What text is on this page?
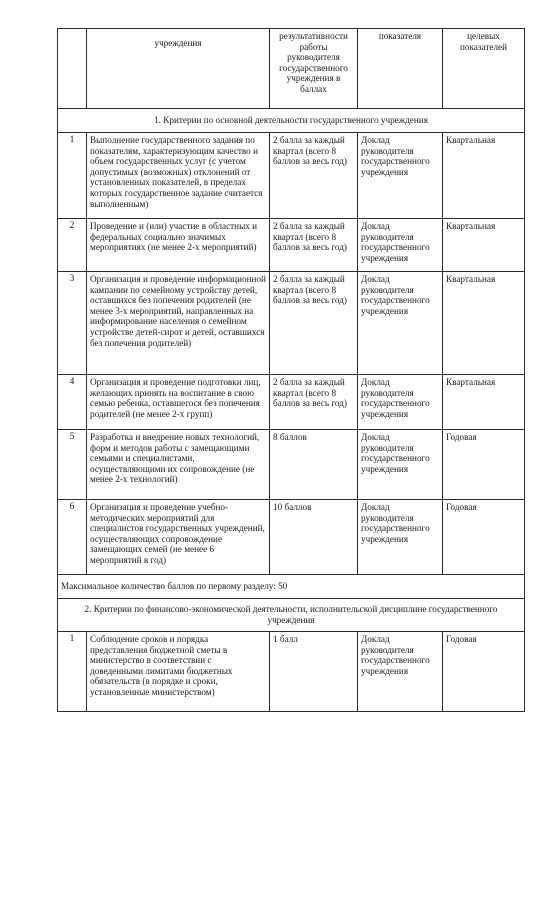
	учреждения	результативности работы руководителя государственного учреждения в баллах	показателя	целевых показателей
1. Критерии по основной деятельности государственного учреждения				
1	Выполнение государственного задания по показателям, характеризующим качество и объем государственных услуг (с учетом допустимых (возможных) отклонений от установленных показателей, в пределах которых государственное задание считается выполненным)	2 балла за каждый квартал (всего 8 баллов за весь год)	Доклад руководителя государственного учреждения	Квартальная
2	Проведение и (или) участие в областных и федеральных социально значимых мероприятиях (не менее 2-х мероприятий)	2 балла за каждый квартал (всего 8 баллов за весь год)	Доклад руководителя государственного учреждения	Квартальная
3	Организация и проведение информационной кампании по семейному устройству детей, оставшихся без попечения родителей (не менее 3-х мероприятий, направленных на информирование населения о семейном устройстве детей-сирот и детей, оставшихся без попечения родителей)	2 балла за каждый квартал (всего 8 баллов за весь год)	Доклад руководителя государственного учреждения	Квартальная
4	Организация и проведение подготовки лиц, желающих принять на воспитание в свою семью ребенка, оставшегося без попечения родителей (не менее 2-х групп)	2 балла за каждый квартал (всего 8 баллов за весь год)	Доклад руководителя государственного учреждения	Квартальная
5	Разработка и внедрение новых технологий, форм и методов работы с замещающими семьями и специалистами, осуществляющими их сопровождение (не менее 2-х технологий)	8 баллов	Доклад руководителя государственного учреждения	Годовая
6	Организация и проведение учебно-методических мероприятий для специалистов государственных учреждений, осуществляющих сопровождение замещающих семей (не менее 6 мероприятий в год)	10 баллов	Доклад руководителя государственного учреждения	Годовая
Максимальное количество баллов по первому разделу: 50				
2. Критерии по финансово-экономической деятельности, исполнительской дисциплине государственного учреждения				
1	Соблюдение сроков и порядка представления бюджетной сметы в министерство в соответствии с доведенными лимитами бюджетных обязательств (в порядке и сроки, установленные министерством)	1 балл	Доклад руководителя государственного учреждения	Годовая
